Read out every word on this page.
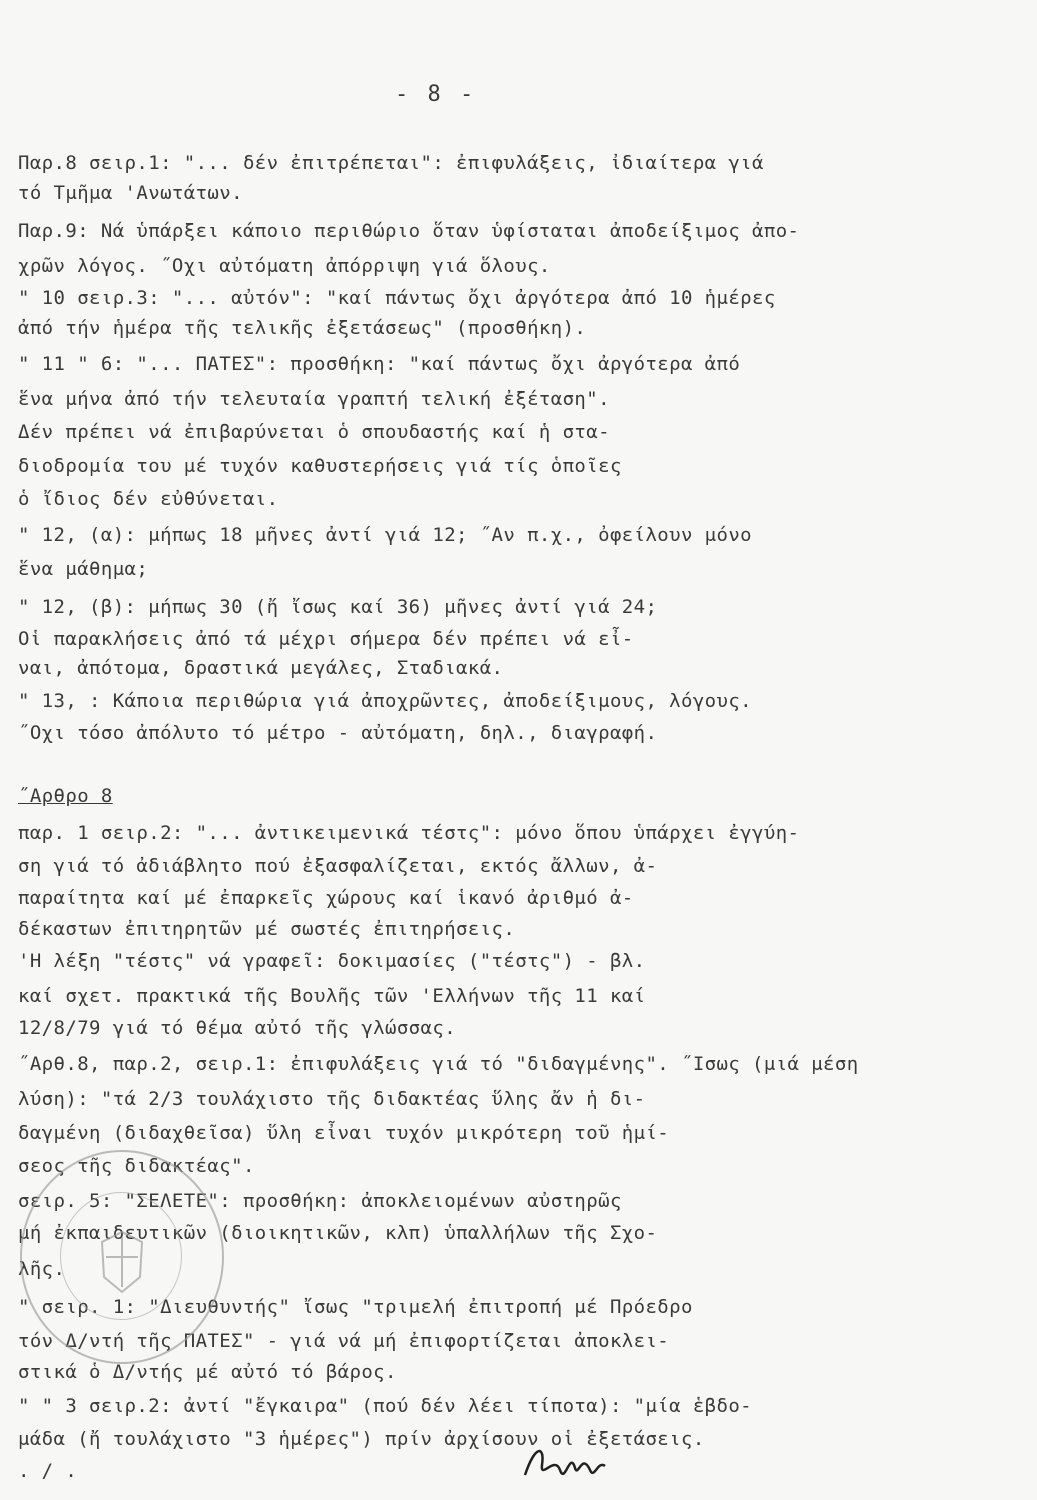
- 8 -
Παρ.8 σειρ.1: "... δέν ἐπιτρέπεται": ἐπιφυλάξεις, ἰδιαίτερα γιά
τό Τμῆμα 'Ανωτάτων.
Παρ.9: Νά ὑπάρξει κάποιο περιθώριο ὅταν ὑφίσταται ἀποδείξιμος ἀπο-
χρῶν λόγος. ˝Οχι αὐτόματη ἀπόρριψη γιά ὅλους.
" 10 σειρ.3: "... αὐτόν": "καί πάντως ὄχι ἀργότερα ἀπό 10 ἡμέρες
ἀπό τήν ἡμέρα τῆς τελικῆς ἐξετάσεως" (προσθήκη).
" 11 " 6: "... ΠΑΤΕΣ": προσθήκη: "καί πάντως ὄχι ἀργότερα ἀπό
ἕνα μήνα ἀπό τήν τελευταία γραπτή τελική ἐξέταση".
Δέν πρέπει νά ἐπιβαρύνεται ὁ σπουδαστής καί ἡ στα-
διοδρομία του μέ τυχόν καθυστερήσεις γιά τίς ὁποῖες
ὁ ἴδιος δέν εὐθύνεται.
" 12, (α): μήπως 18 μῆνες ἀντί γιά 12; ˝Αν π.χ., ὀφείλουν μόνο
ἕνα μάθημα;
" 12, (β): μήπως 30 (ἤ ἴσως καί 36) μῆνες ἀντί γιά 24;
Οἱ παρακλήσεις ἀπό τά μέχρι σήμερα δέν πρέπει νά εἶ-
ναι, ἀπότομα, δραστικά μεγάλες, Σταδιακά.
" 13, : Κάποια περιθώρια γιά ἀποχρῶντες, ἀποδείξιμους, λόγους.
˝Οχι τόσο ἀπόλυτο τό μέτρο - αὐτόματη, δηλ., διαγραφή.
˝Αρθρο 8
παρ. 1 σειρ.2: "... ἀντικειμενικά τέστς": μόνο ὅπου ὑπάρχει ἐγγύη-
ση γιά τό ἀδιάβλητο πού ἐξασφαλίζεται, εκτός ἄλλων, ἀ-
παραίτητα καί μέ ἐπαρκεῖς χώρους καί ἱκανό ἀριθμό ἀ-
δέκαστων ἐπιτηρητῶν μέ σωστές ἐπιτηρήσεις.
'Η λέξη "τέστς" νά γραφεῖ: δοκιμασίες ("τέστς") - βλ.
καί σχετ. πρακτικά τῆς Βουλῆς τῶν 'Ελλήνων τῆς 11 καί
12/8/79 γιά τό θέμα αὐτό τῆς γλώσσας.
˝Αρθ.8, παρ.2, σειρ.1: ἐπιφυλάξεις γιά τό "διδαγμένης". ˝Ισως (μιά μέση
λύση): "τά 2/3 τουλάχιστο τῆς διδακτέας ὕλης ἄν ἡ δι-
δαγμένη (διδαχθεῖσα) ὕλη εἶναι τυχόν μικρότερη τοῦ ἡμί-
σεος τῆς διδακτέας".
σειρ. 5: "ΣΕΛΕΤΕ": προσθήκη: ἀποκλειομένων αὐστηρῶς
μή ἐκπαιδευτικῶν (διοικητικῶν, κλπ) ὑπαλλήλων τῆς Σχο-
λῆς.
" σειρ. 1: "Διευθυντής" ἴσως "τριμελή ἐπιτροπή μέ Πρόεδρο
τόν Δ/ντή τῆς ΠΑΤΕΣ" - γιά νά μή ἐπιφορτίζεται ἀποκλει-
στικά ὁ Δ/ντής μέ αὐτό τό βάρος.
" " 3 σειρ.2: ἀντί "ἔγκαιρα" (πού δέν λέει τίποτα): "μία ἑβδο-
μάδα (ἤ τουλάχιστο "3 ἡμέρες") πρίν ἀρχίσουν οἱ ἐξετάσεις.
. / .
